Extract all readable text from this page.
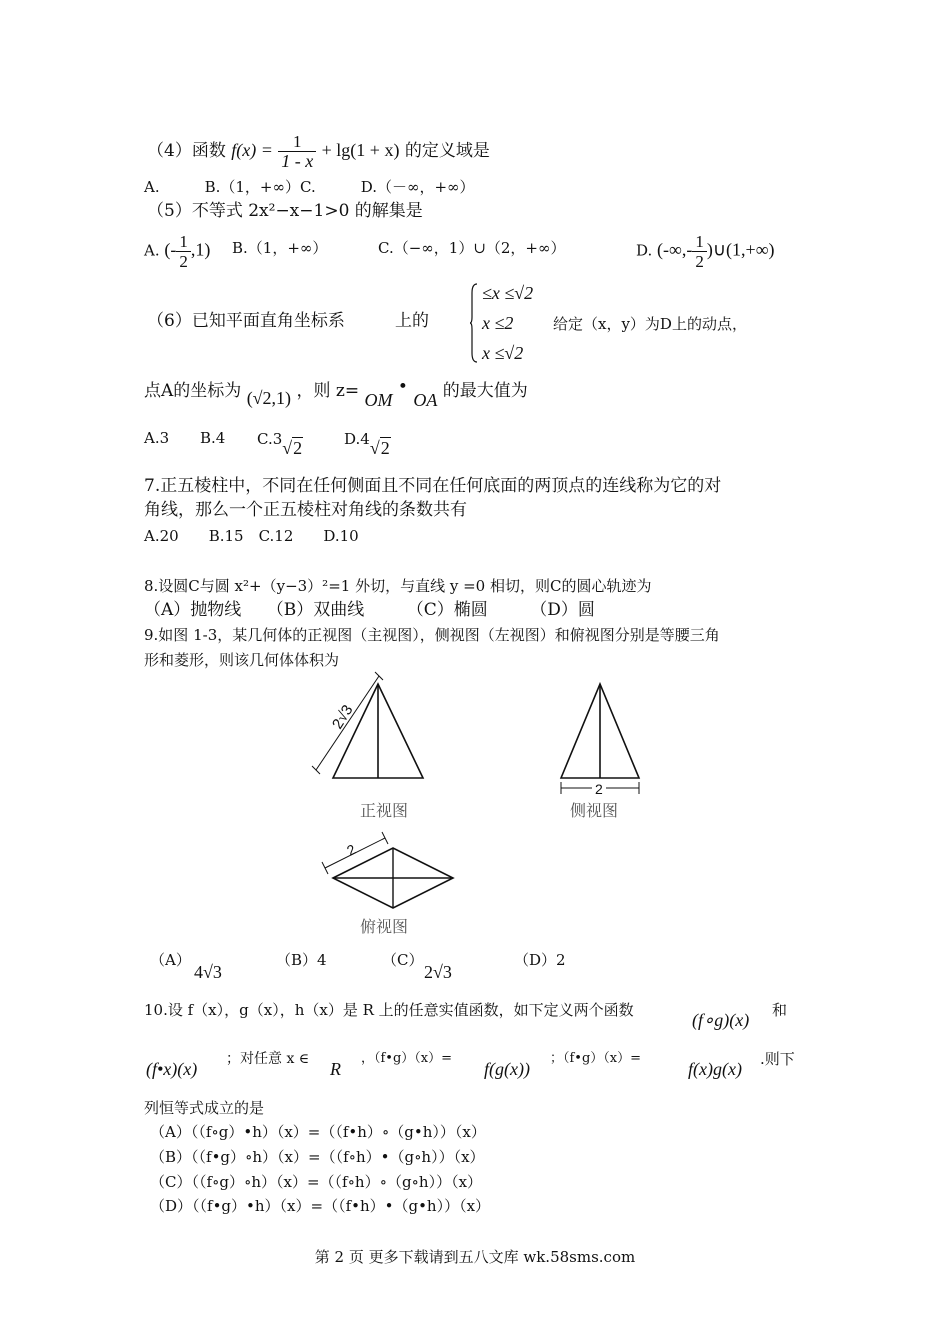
（4）函数 $f(x) = \frac{1}{1 - x} + \lg(1 + x)$ 的定义域是
A.　　　B.（1，+∞）C.　　　D.（－∞，+∞）
（5）不等式 2x²−x−1>0 的解集是
A. (- $\frac{1}{2} ,1$) B.（1，+∞）	C.（−∞，1）∪（2，+∞）	D. (-∞,- $\frac{1}{2}$ )∪(1,+∞)
（6）已知平面直角坐标系	上的
≤x ≤√2
x ≤2
x ≤√2
给定（x，y）为D上的动点，
点A的坐标为 (√2,1) ，则 z= OM • OA 的最大值为
A.3 B.4 C.3√2	D.4√2
7.正五棱柱中，不同在任何侧面且不同在任何底面的两顶点的连线称为它的对
角线，那么一个正五棱柱对角线的条数共有
A.20　　B.15　C.12　　D.10
8.设圆C与圆 x²+（y−3）²=1 外切，与直线 y =0 相切，则C的圆心轨迹为
（A）抛物线　　（B）双曲线　　　（C）椭圆　　　（D）圆
9.如图 1-3，某几何体的正视图（主视图），侧视图（左视图）和俯视图分别是等腰三角
形和菱形，则该几何体体积为
2√3
正视图
2
侧视图
2
俯视图
（A）
4√3
（B）4	（C）
2√3
（D）2
10.设 f（x），g（x），h（x）是 R 上的任意实值函数，如下定义两个函数	(f∘g)(x) 和
(f•x)(x) ；对任意 x ∈ R
，（f•g）（x）=
f(g(x))
；（f•g）（x）=
f(x)g(x) .则下
列恒等式成立的是
（A）（（f∘g）•h）（x）=（（f•h）∘（g•h））（x）
（B）（（f•g）∘h）（x）=（（f∘h）•（g∘h））（x）
（C）（（f∘g）∘h）（x）=（（f∘h）∘（g∘h））（x）
（D）（（f•g）•h）（x）=（（f•h）•（g•h））（x）
第 2 页 更多下载请到五八文库 wk.58sms.com
